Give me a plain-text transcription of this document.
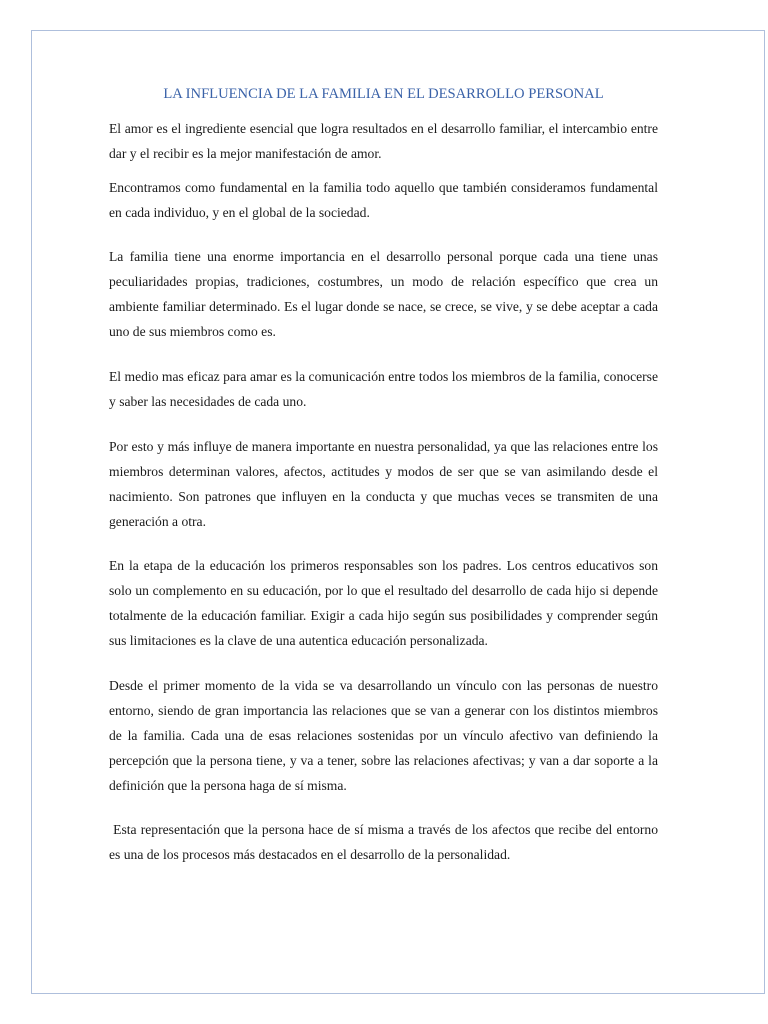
LA INFLUENCIA DE LA FAMILIA EN EL DESARROLLO PERSONAL

El amor es el ingrediente esencial que logra resultados en el desarrollo familiar, el intercambio entre dar y el recibir es la mejor manifestación de amor.

Encontramos como fundamental en la familia todo aquello que también consideramos fundamental en cada individuo, y en el global de la sociedad.

La familia tiene una enorme importancia en el desarrollo personal porque cada una tiene unas peculiaridades propias, tradiciones, costumbres, un modo de relación específico que crea un ambiente familiar determinado. Es el lugar donde se nace, se crece, se vive, y se debe aceptar a cada uno de sus miembros como es.

El medio mas eficaz para amar es la comunicación entre todos los miembros de la familia, conocerse y saber las necesidades de cada uno.

Por esto y más influye de manera importante en nuestra personalidad, ya que las relaciones entre los miembros determinan valores, afectos, actitudes y modos de ser que se van asimilando desde el nacimiento. Son patrones que influyen en la conducta y que muchas veces se transmiten de una generación a otra.

En la etapa de la educación los primeros responsables son los padres. Los centros educativos son solo un complemento en su educación, por lo que el resultado del desarrollo de cada hijo si depende totalmente de la educación familiar. Exigir a cada hijo según sus posibilidades y comprender según sus limitaciones es la clave de una autentica educación personalizada.

Desde el primer momento de la vida se va desarrollando un vínculo con las personas de nuestro entorno, siendo de gran importancia las relaciones que se van a generar con los distintos miembros de la familia. Cada una de esas relaciones sostenidas por un vínculo afectivo van definiendo la percepción que la persona tiene, y va a tener, sobre las relaciones afectivas; y van a dar soporte a la definición que la persona haga de sí misma.

Esta representación que la persona hace de sí misma a través de los afectos que recibe del entorno es una de los procesos más destacados en el desarrollo de la personalidad.
